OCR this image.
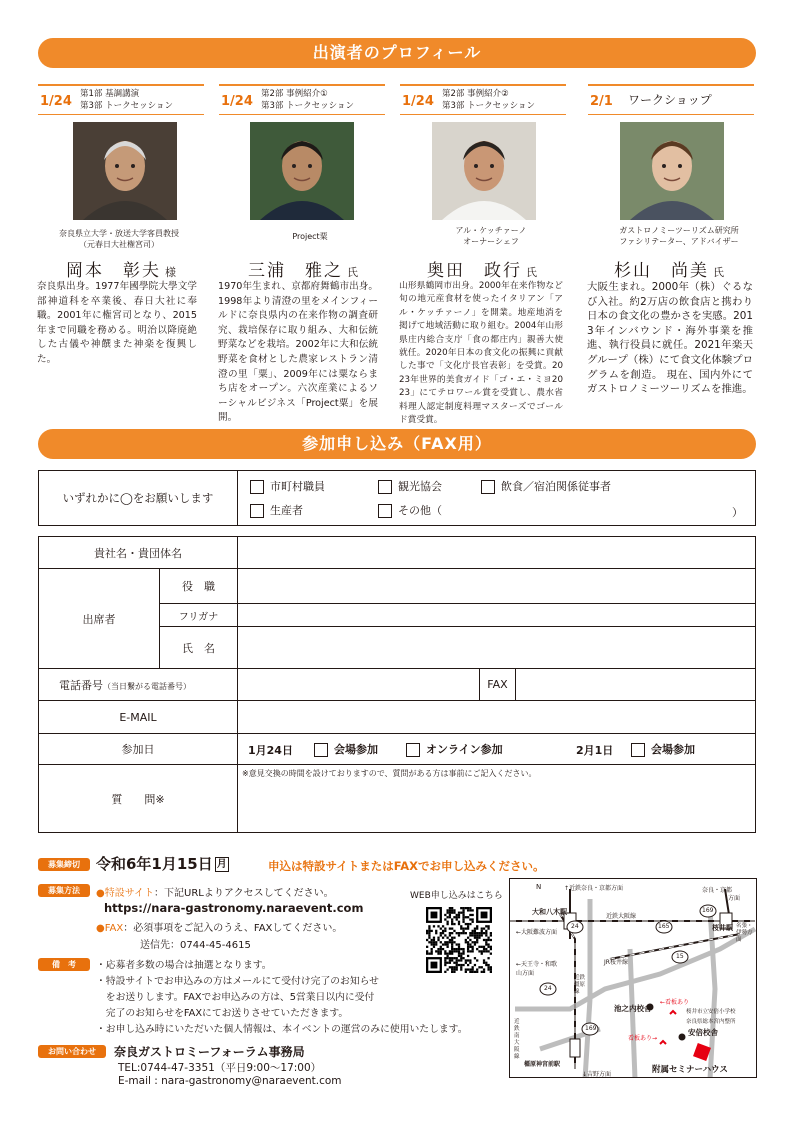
出演者のプロフィール
1/24 第1部 基調講演
第3部 トークセッション
奈良県立大学・放送大学客員教授
（元春日大社権宮司）
岡本　彰夫 様
奈良県出身。1977年國學院大學文学部神道科を卒業後、春日大社に奉職。2001年に権宮司となり、2015年まで同職を務める。明治以降廃絶した古儀や神饌また神楽を復興した。
1/24 第2部 事例紹介①
第3部 トークセッション
Project粟
三浦　雅之 氏
1970年生まれ、京都府舞鶴市出身。1998年より清澄の里をメインフィールドに奈良県内の在来作物の調査研究、栽培保存に取り組み、大和伝統野菜などを栽培。2002年に大和伝統野菜を食材とした農家レストラン清澄の里「粟」、2009年には粟ならまち店をオープン。六次産業によるソーシャルビジネス「Project粟」を展開。
1/24 第2部 事例紹介②
第3部 トークセッション
アル・ケッチァーノ
オーナーシェフ
奥田　政行 氏
山形県鶴岡市出身。2000年在来作物など旬の地元産食材を使ったイタリアン「アル・ケッチァーノ」を開業。地産地消を掲げて地域活動に取り組む。2004年山形県庄内総合支庁「食の都庄内」親善大使就任。2020年日本の食文化の振興に貢献した事で「文化庁長官表彰」を受賞。2023年世界的美食ガイド「ゴ・エ・ミヨ2023」にてテロワール賞を受賞し、農水省料理人認定制度料理マスターズでゴールド賞受賞。
2/1 ワークショップ
ガストロノミーツーリズム研究所
ファシリテーター、アドバイザー
杉山　尚美 氏
大阪生まれ。2000年（株）ぐるなび入社。約2万店の飲食店と携わり日本の食文化の豊かさを実感。2013年インバウンド・海外事業を推進、執行役員に就任。2021年楽天グループ（株）にて食文化体験プログラムを創造。 現在、国内外にてガストロノミーツーリズムを推進。
参加申し込み（FAX用）
いずれかに◯をお願いします	
市町村職員	観光協会	飲食／宿泊関係従事者
生産者	その他（	）
貴社名・貴団体名				
出席者	役　職			
	フリガナ			
	氏　名			
電話番号（当日繋がる電話番号）			FAX	
E-MAIL				
参加日		1月24日 会場参加 オンライン参加 2月1日 会場参加		

質　　問※		※意見交換の時間を設けておりますので、質問がある方は事前にご記入ください。		
募集締切	令和6年1月15日 月	申込は特設サイトまたはFAXでお申し込みください。
募集方法	●特設サイト：下記URLよりアクセスしてください。
https://nara-gastronomy.naraevent.com
●FAX：必須事項をご記入のうえ、FAXしてください。
送信先：0744-45-4615
WEB申し込みはこちら
備　考	・応募者多数の場合は抽選となります。
・特設サイトでお申込みの方はメールにて受付け完了のお知らせ
　をお送りします。FAXでお申込みの方は、5営業日以内に受付
　完了のお知らせをFAXにてお送りさせていただきます。
・お申し込み時にいただいた個人情報は、本イベントの運営のみに使用いたします。
お問い合わせ	奈良ガストロミーフォーラム事務局
TEL:0744-47-3351（平日9:00〜17:00）
E-mail : nara-gastronomy@naraevent.com
N	↑近鉄奈良・京都方面	奈良・京都
方面
大和八木駅
近鉄大阪線
←大阪難波方面
←天王寺・和歌山方面
JR桜井線
桜井駅
池之内校舎
橿原神宮前駅
↓吉野方面
安倍校舎
附属セミナーハウス
近鉄橿原線
近鉄南大阪線
24
24	165
169
169
15
←看板あり
看板あり→
桜井市立安倍小学校
奈良県総本宮内整所
名張・伊勢方面
